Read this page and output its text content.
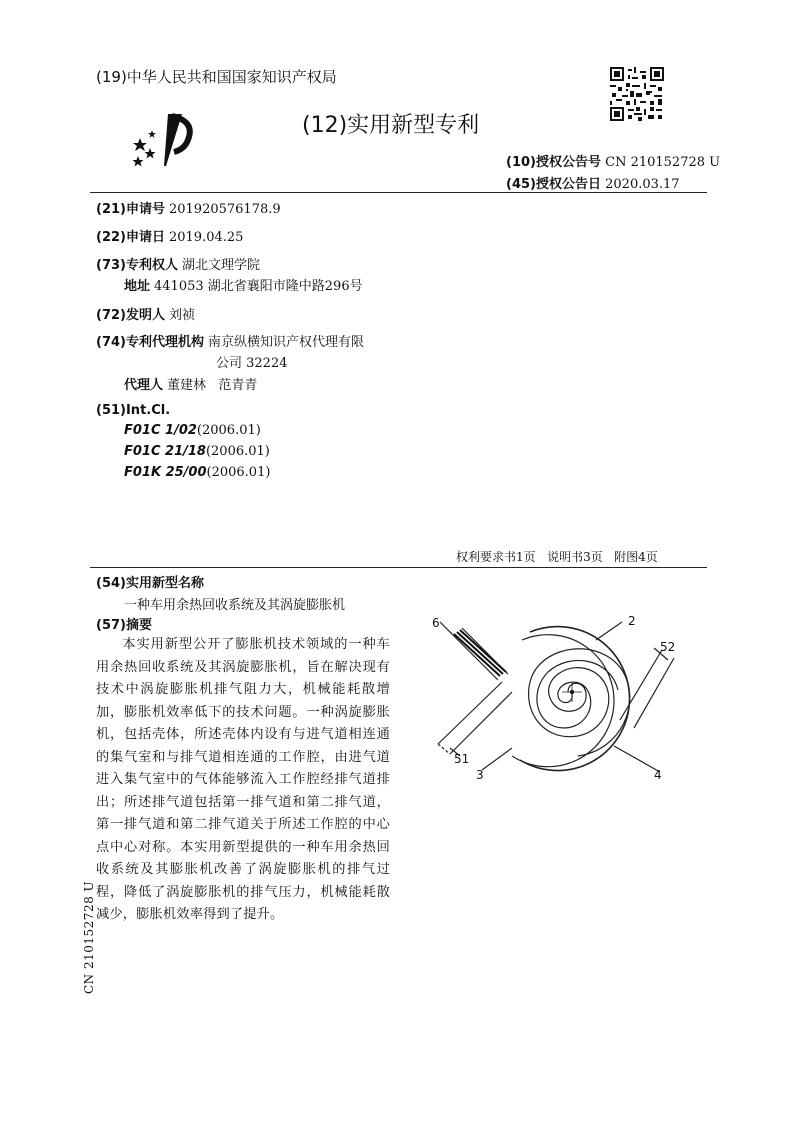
(19)中华人民共和国国家知识产权局
(12)实用新型专利
(10)授权公告号 CN 210152728 U
(45)授权公告日 2020.03.17
(21)申请号 201920576178.9
(22)申请日 2019.04.25
(73)专利权人 湖北文理学院
地址 441053 湖北省襄阳市隆中路296号
(72)发明人 刘祯
(74)专利代理机构 南京纵横知识产权代理有限
公司 32224
代理人 董建林   范青青
(51)Int.Cl.
F01C 1/02(2006.01)
F01C 21/18(2006.01)
F01K 25/00(2006.01)
权利要求书1页   说明书3页   附图4页
(54)实用新型名称
一种车用余热回收系统及其涡旋膨胀机
(57)摘要
本实用新型公开了膨胀机技术领域的一种车用余热回收系统及其涡旋膨胀机，旨在解决现有技术中涡旋膨胀机排气阻力大，机械能耗散增加，膨胀机效率低下的技术问题。一种涡旋膨胀机，包括壳体，所述壳体内设有与进气道相连通的集气室和与排气道相连通的工作腔，由进气道进入集气室中的气体能够流入工作腔经排气道排出；所述排气道包括第一排气道和第二排气道，第一排气道和第二排气道关于所述工作腔的中心点中心对称。本实用新型提供的一种车用余热回收系统及其膨胀机改善了涡旋膨胀机的排气过程，降低了涡旋膨胀机的排气压力，机械能耗散减少，膨胀机效率得到了提升。
6	2
52
51
3	4
CN 210152728 U
